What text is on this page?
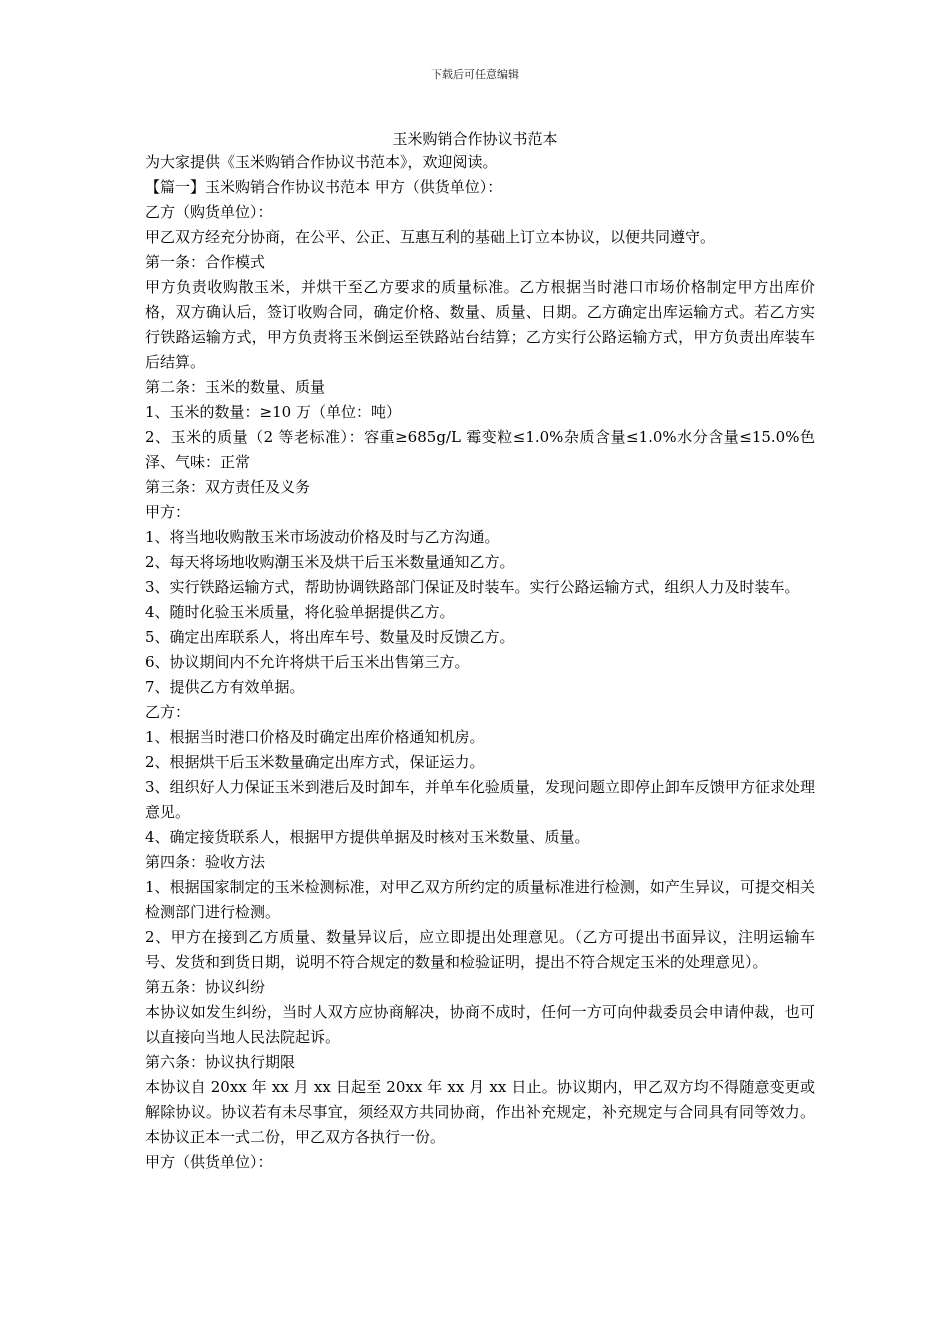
下载后可任意编辑
玉米购销合作协议书范本

为大家提供《玉米购销合作协议书范本》，欢迎阅读。

【篇一】玉米购销合作协议书范本 甲方（供货单位）：

乙方（购货单位）：

甲乙双方经充分协商，在公平、公正、互惠互利的基础上订立本协议，以便共同遵守。

第一条：合作模式

甲方负责收购散玉米，并烘干至乙方要求的质量标准。乙方根据当时港口市场价格制定甲方出库价格，双方确认后，签订收购合同，确定价格、数量、质量、日期。乙方确定出库运输方式。若乙方实行铁路运输方式，甲方负责将玉米倒运至铁路站台结算；乙方实行公路运输方式，甲方负责出库装车后结算。

第二条：玉米的数量、质量

1、玉米的数量：≥10 万（单位：吨）

2、玉米的质量（2 等老标准）：容重≥685g/L 霉变粒≤1.0%杂质含量≤1.0%水分含量≤15.0%色泽、气味：正常

第三条：双方责任及义务

甲方：

1、将当地收购散玉米市场波动价格及时与乙方沟通。

2、每天将场地收购潮玉米及烘干后玉米数量通知乙方。

3、实行铁路运输方式，帮助协调铁路部门保证及时装车。实行公路运输方式，组织人力及时装车。

4、随时化验玉米质量，将化验单据提供乙方。

5、确定出库联系人，将出库车号、数量及时反馈乙方。

6、协议期间内不允许将烘干后玉米出售第三方。

7、提供乙方有效单据。

乙方：

1、根据当时港口价格及时确定出库价格通知机房。

2、根据烘干后玉米数量确定出库方式，保证运力。

3、组织好人力保证玉米到港后及时卸车，并单车化验质量，发现问题立即停止卸车反馈甲方征求处理意见。

4、确定接货联系人，根据甲方提供单据及时核对玉米数量、质量。

第四条：验收方法

1、根据国家制定的玉米检测标准，对甲乙双方所约定的质量标准进行检测，如产生异议，可提交相关检测部门进行检测。

2、甲方在接到乙方质量、数量异议后，应立即提出处理意见。（乙方可提出书面异议，注明运输车号、发货和到货日期，说明不符合规定的数量和检验证明，提出不符合规定玉米的处理意见）。

第五条：协议纠纷

本协议如发生纠纷，当时人双方应协商解决，协商不成时，任何一方可向仲裁委员会申请仲裁，也可以直接向当地人民法院起诉。

第六条：协议执行期限

本协议自 20xx 年 xx 月 xx 日起至 20xx 年 xx 月 xx 日止。协议期内，甲乙双方均不得随意变更或解除协议。协议若有未尽事宜，须经双方共同协商，作出补充规定，补充规定与合同具有同等效力。本协议正本一式二份，甲乙双方各执行一份。

甲方（供货单位）：
